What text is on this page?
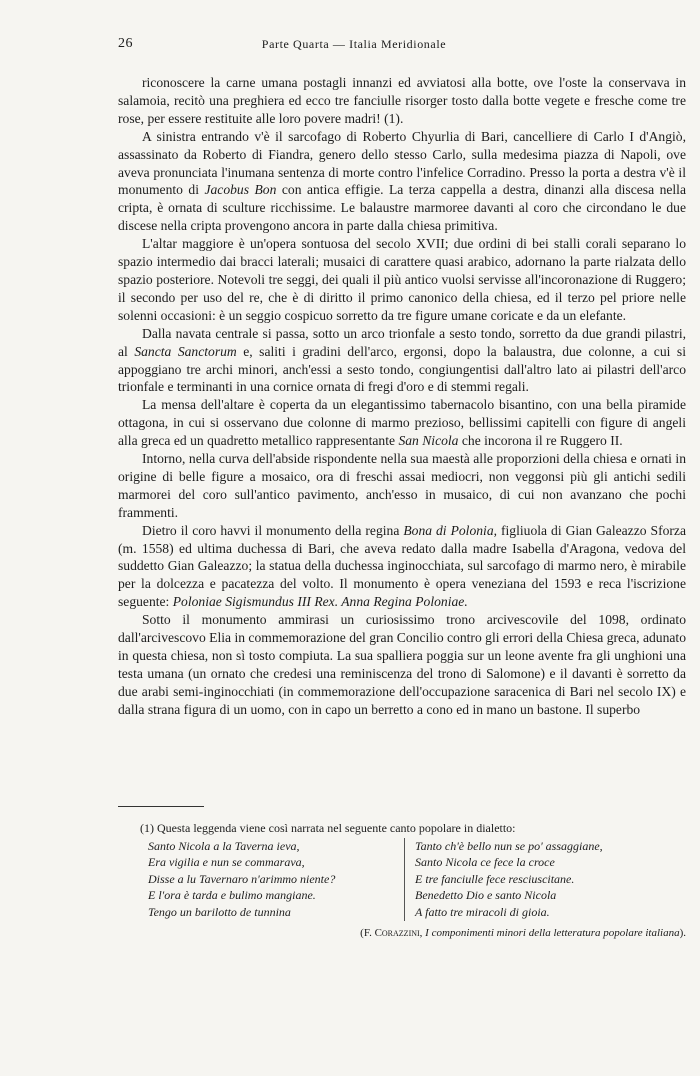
26	Parte Quarta — Italia Meridionale

riconoscere la carne umana postagli innanzi ed avviatosi alla botte, ove l'oste la conservava in salamoia, recitò una preghiera ed ecco tre fanciulle risorger tosto dalla botte vegete e fresche come tre rose, per essere restituite alle loro povere madri! (1).

A sinistra entrando v'è il sarcofago di Roberto Chyurlia di Bari, cancelliere di Carlo I d'Angiò, assassinato da Roberto di Fiandra, genero dello stesso Carlo, sulla medesima piazza di Napoli, ove aveva pronunciata l'inumana sentenza di morte contro l'infelice Corradino. Presso la porta a destra v'è il monumento di Jacobus Bon con antica effigie. La terza cappella a destra, dinanzi alla discesa nella cripta, è ornata di sculture ricchissime. Le balaustre marmoree davanti al coro che circondano le due discese nella cripta provengono ancora in parte dalla chiesa primitiva.

L'altar maggiore è un'opera sontuosa del secolo XVII; due ordini di bei stalli corali separano lo spazio intermedio dai bracci laterali; musaici di carattere quasi arabico, adornano la parte rialzata dello spazio posteriore. Notevoli tre seggi, dei quali il più antico vuolsi servisse all'incoronazione di Ruggero; il secondo per uso del re, che è di diritto il primo canonico della chiesa, ed il terzo pel priore nelle solenni occasioni: è un seggio cospicuo sorretto da tre figure umane coricate e da un elefante.

Dalla navata centrale si passa, sotto un arco trionfale a sesto tondo, sorretto da due grandi pilastri, al Sancta Sanctorum e, saliti i gradini dell'arco, ergonsi, dopo la balaustra, due colonne, a cui si appoggiano tre archi minori, anch'essi a sesto tondo, congiungentisi dall'altro lato ai pilastri dell'arco trionfale e terminanti in una cornice ornata di fregi d'oro e di stemmi regali.

La mensa dell'altare è coperta da un elegantissimo tabernacolo bisantino, con una bella piramide ottagona, in cui si osservano due colonne di marmo prezioso, bellissimi capitelli con figure di angeli alla greca ed un quadretto metallico rappresentante San Nicola che incorona il re Ruggero II.

Intorno, nella curva dell'abside rispondente nella sua maestà alle proporzioni della chiesa e ornati in origine di belle figure a mosaico, ora di freschi assai mediocri, non veggonsi più gli antichi sedili marmorei del coro sull'antico pavimento, anch'esso in musaico, di cui non avanzano che pochi frammenti.

Dietro il coro havvi il monumento della regina Bona di Polonia, figliuola di Gian Galeazzo Sforza (m. 1558) ed ultima duchessa di Bari, che aveva redato dalla madre Isabella d'Aragona, vedova del suddetto Gian Galeazzo; la statua della duchessa inginocchiata, sul sarcofago di marmo nero, è mirabile per la dolcezza e pacatezza del volto. Il monumento è opera veneziana del 1593 e reca l'iscrizione seguente: Poloniae Sigismundus III Rex. Anna Regina Poloniae.

Sotto il monumento ammirasi un curiosissimo trono arcivescovile del 1098, ordinato dall'arcivescovo Elia in commemorazione del gran Concilio contro gli errori della Chiesa greca, adunato in questa chiesa, non sì tosto compiuta. La sua spalliera poggia sur un leone avente fra gli unghioni una testa umana (un ornato che credesi una reminiscenza del trono di Salomone) e il davanti è sorretto da due arabi semi-inginocchiati (in commemorazione dell'occupazione saracenica di Bari nel secolo IX) e dalla strana figura di un uomo, con in capo un berretto a cono ed in mano un bastone. Il superbo

(1) Questa leggenda viene così narrata nel seguente canto popolare in dialetto:
Santo Nicola a la Taverna ieva,
Era vigilia e nun se commarava,
Disse a lu Tavernaro n'arimmo niente?
E l'ora è tarda e bulimo mangiane.
Tengo un barilotto de tunnina
Tanto ch'è bello nun se po' assaggiane,
Santo Nicola ce fece la croce
E tre fanciulle fece resciuscitane.
Benedetto Dio e santo Nicola
A fatto tre miracoli di gioia.
(F. Corazzini, I componimenti minori della letteratura popolare italiana).
